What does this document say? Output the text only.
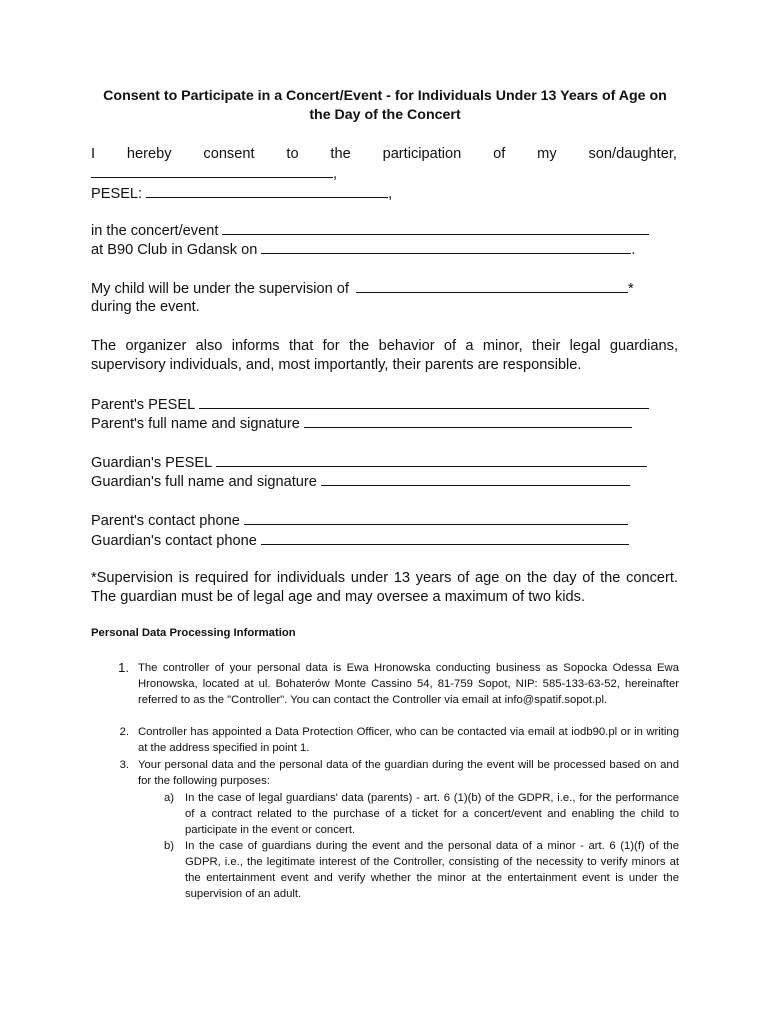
Consent to Participate in a Concert/Event - for Individuals Under 13 Years of Age on the Day of the Concert
I hereby consent to the participation of my son/daughter,
,
PESEL:	,
in the concert/event
at B90 Club in Gdansk on	.
My child will be under the supervision of	*
during the event.
The organizer also informs that for the behavior of a minor, their legal guardians, supervisory individuals, and, most importantly, their parents are responsible.
Parent's PESEL
Parent's full name and signature
Guardian's PESEL
Guardian's full name and signature
Parent's contact phone
Guardian's contact phone
*Supervision is required for individuals under 13 years of age on the day of the concert. The guardian must be of legal age and may oversee a maximum of two kids.
Personal Data Processing Information
1. The controller of your personal data is Ewa Hronowska conducting business as Sopocka Odessa Ewa Hronowska, located at ul. Bohaterów Monte Cassino 54, 81-759 Sopot, NIP: 585-133-63-52, hereinafter referred to as the "Controller". You can contact the Controller via email at info@spatif.sopot.pl.
2. Controller has appointed a Data Protection Officer, who can be contacted via email at iodb90.pl or in writing at the address specified in point 1.
3. Your personal data and the personal data of the guardian during the event will be processed based on and for the following purposes:
a) In the case of legal guardians' data (parents) - art. 6 (1)(b) of the GDPR, i.e., for the performance of a contract related to the purchase of a ticket for a concert/event and enabling the child to participate in the event or concert.
b) In the case of guardians during the event and the personal data of a minor - art. 6 (1)(f) of the GDPR, i.e., the legitimate interest of the Controller, consisting of the necessity to verify minors at the entertainment event and verify whether the minor at the entertainment event is under the supervision of an adult.
